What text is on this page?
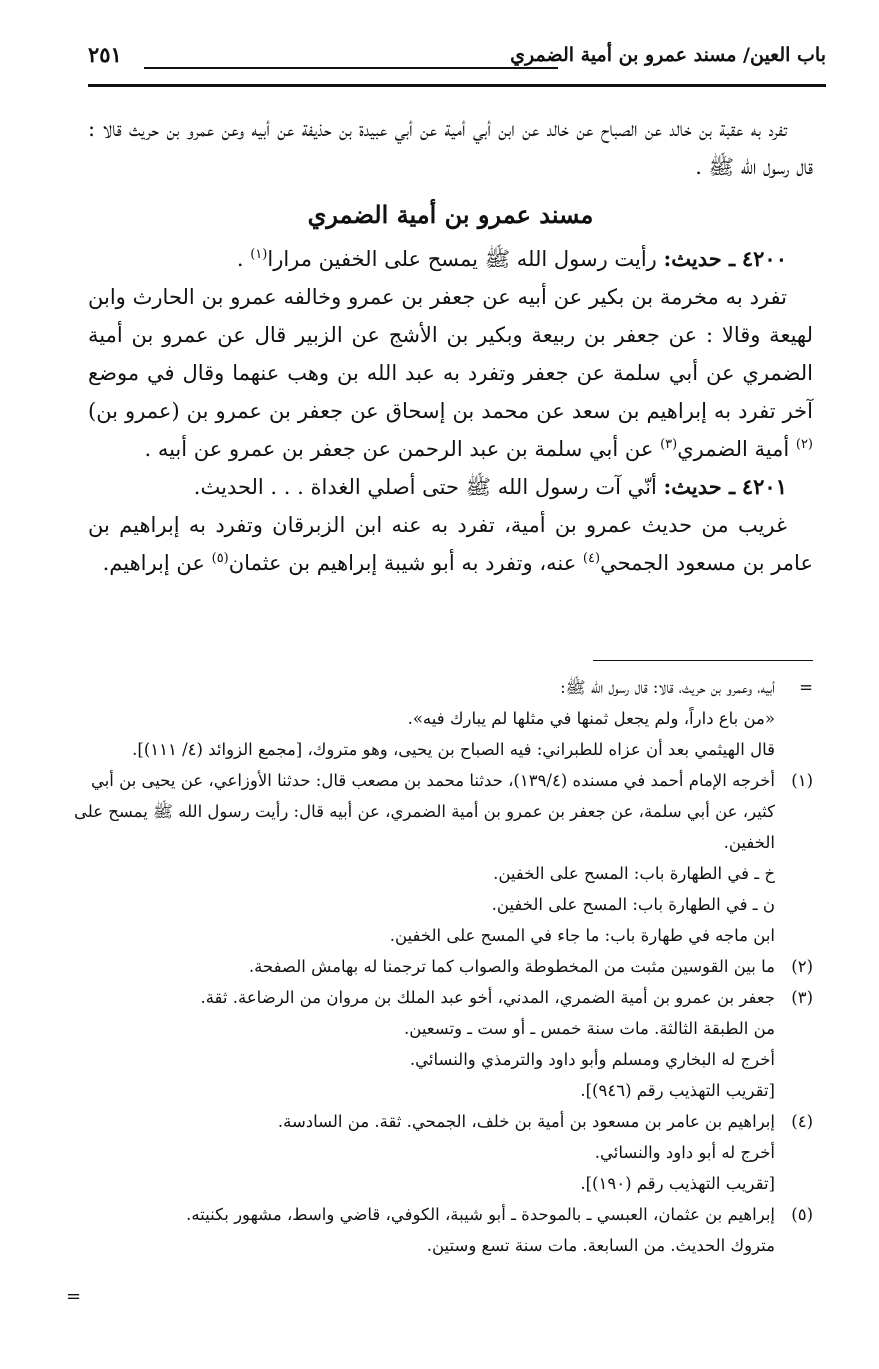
باب العين/ مسند عمرو بن أمية الضمري
٢٥١

تفرد به عقبة بن خالد عن الصباح عن خالد عن ابن أبي أمية عن أبي عبيدة بن حذيفة عن أبيه وعن عمرو بن حريث قالا : قال رسول الله ﷺ .

مسند عمرو بن أمية الضمري

٤٢٠٠ ـ حديث: رأيت رسول الله ﷺ يمسح على الخفين مرارا$^{(١)}$ .

تفرد به مخرمة بن بكير عن أبيه عن جعفر بن عمرو وخالفه عمرو بن الحارث وابن لهيعة وقالا : عن جعفر بن ربيعة وبكير بن الأشج عن الزبير قال عن عمرو بن أمية الضمري عن أبي سلمة عن جعفر وتفرد به عبد الله بن وهب عنهما وقال في موضع آخر تفرد به إبراهيم بن سعد عن محمد بن إسحاق عن جعفر بن عمرو بن (عمرو بن)$^{(٢)}$ أمية الضمري$^{(٣)}$ عن أبي سلمة بن عبد الرحمن عن جعفر بن عمرو عن أبيه .

٤٢٠١ ـ حديث: أنّي آت رسول الله ﷺ حتى أصلي الغداة . . . الحديث.

غريب من حديث عمرو بن أمية، تفرد به عنه ابن الزبرقان وتفرد به إبراهيم بن عامر بن مسعود الجمحي$^{(٤)}$ عنه، وتفرد به أبو شيبة إبراهيم بن عثمان$^{(٥)}$ عن إبراهيم.

=

أبيه، وعمرو بن حريث، قالا: قال رسول الله ﷺ:

«من باع داراً، ولم يجعل ثمنها في مثلها لم يبارك فيه».

قال الهيثمي بعد أن عزاه للطبراني: فيه الصباح بن يحيى، وهو متروك، [مجمع الزوائد (٤/ ١١١)].

(١)

أخرجه الإمام أحمد في مسنده (١٣٩/٤)، حدثنا محمد بن مصعب قال: حدثنا الأوزاعي، عن يحيى بن أبي كثير، عن أبي سلمة، عن جعفر بن عمرو بن أمية الضمري، عن أبيه قال: رأيت رسول الله ﷺ يمسح على الخفين.

خ ـ في الطهارة باب: المسح على الخفين.

ن ـ في الطهارة باب: المسح على الخفين.

ابن ماجه في طهارة باب: ما جاء في المسح على الخفين.

(٢)

ما بين القوسين مثبت من المخطوطة والصواب كما ترجمنا له بهامش الصفحة.

(٣)

جعفر بن عمرو بن أمية الضمري، المدني، أخو عبد الملك بن مروان من الرضاعة. ثقة.

من الطبقة الثالثة. مات سنة خمس ـ أو ست ـ وتسعين.

أخرج له البخاري ومسلم وأبو داود والترمذي والنسائي.

[تقريب التهذيب رقم (٩٤٦)].

(٤)

إبراهيم بن عامر بن مسعود بن أمية بن خلف، الجمحي. ثقة. من السادسة.

أخرج له أبو داود والنسائي.

[تقريب التهذيب رقم (١٩٠)].

(٥)

إبراهيم بن عثمان، العبسي ـ بالموحدة ـ أبو شيبة، الكوفي، قاضي واسط، مشهور بكنيته.

متروك الحديث. من السابعة. مات سنة تسع وستين.

=
